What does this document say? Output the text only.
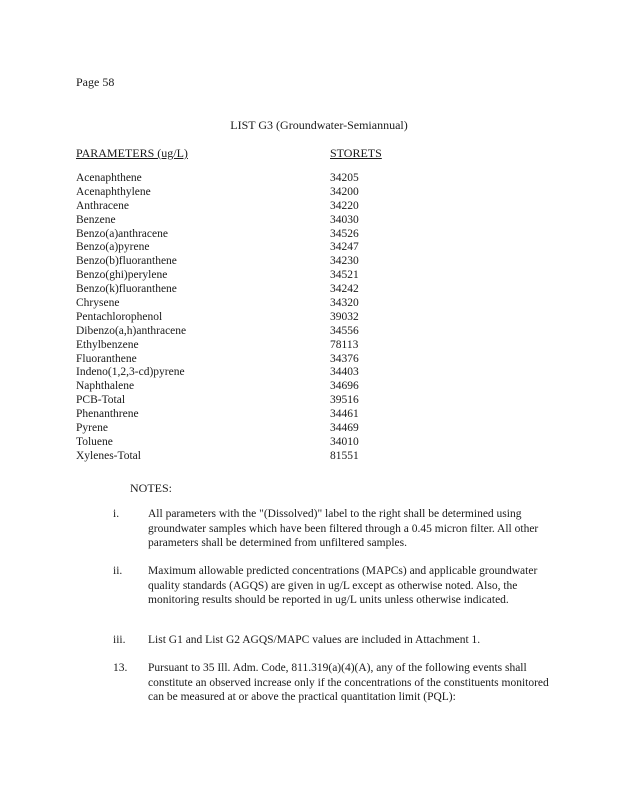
Page 58
LIST G3 (Groundwater-Semiannual)
PARAMETERS (ug/L)	STORETS
Acenaphthene	34205
Acenaphthylene	34200
Anthracene	34220
Benzene	34030
Benzo(a)anthracene	34526
Benzo(a)pyrene	34247
Benzo(b)fluoranthene	34230
Benzo(ghi)perylene	34521
Benzo(k)fluoranthene	34242
Chrysene	34320
Pentachlorophenol	39032
Dibenzo(a,h)anthracene	34556
Ethylbenzene	78113
Fluoranthene	34376
Indeno(1,2,3-cd)pyrene	34403
Naphthalene	34696
PCB-Total	39516
Phenanthrene	34461
Pyrene	34469
Toluene	34010
Xylenes-Total	81551
NOTES:
i.	All parameters with the "(Dissolved)" label to the right shall be determined using groundwater samples which have been filtered through a 0.45 micron filter. All other parameters shall be determined from unfiltered samples.
ii. Maximum allowable predicted concentrations (MAPCs) and applicable groundwater quality standards (AGQS) are given in ug/L except as otherwise noted. Also, the monitoring results should be reported in ug/L units unless otherwise indicated.
iii. List G1 and List G2 AGQS/MAPC values are included in Attachment 1.
13. Pursuant to 35 Ill. Adm. Code, 811.319(a)(4)(A), any of the following events shall constitute an observed increase only if the concentrations of the constituents monitored can be measured at or above the practical quantitation limit (PQL):
